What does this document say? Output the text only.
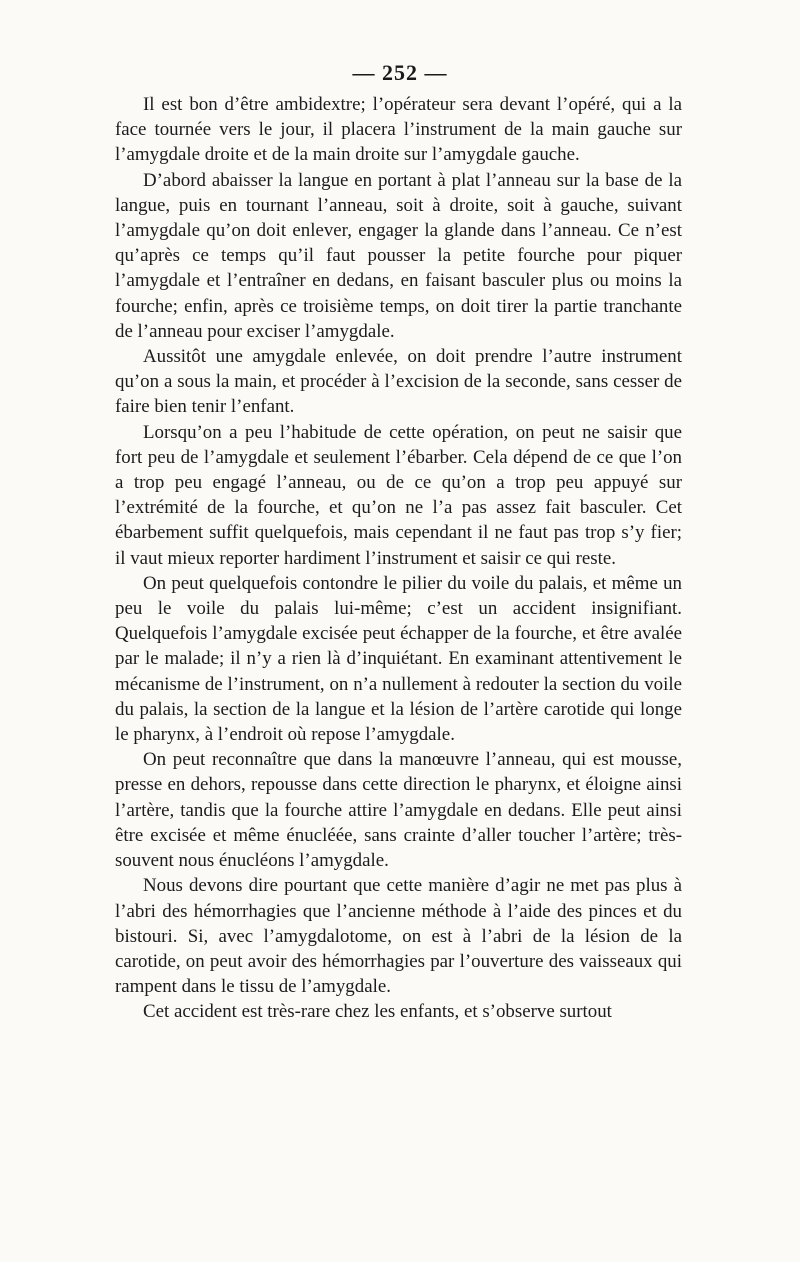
— 252 —

Il est bon d’être ambidextre; l’opérateur sera devant l’opéré, qui a la face tournée vers le jour, il placera l’instrument de la main gauche sur l’amygdale droite et de la main droite sur l’amygdale gauche.

D’abord abaisser la langue en portant à plat l’anneau sur la base de la langue, puis en tournant l’anneau, soit à droite, soit à gauche, suivant l’amygdale qu’on doit enlever, engager la glande dans l’anneau. Ce n’est qu’après ce temps qu’il faut pousser la petite fourche pour piquer l’amygdale et l’entraîner en dedans, en faisant basculer plus ou moins la fourche; enfin, après ce troisième temps, on doit tirer la partie tranchante de l’anneau pour exciser l’amygdale.

Aussitôt une amygdale enlevée, on doit prendre l’autre instrument qu’on a sous la main, et procéder à l’excision de la seconde, sans cesser de faire bien tenir l’enfant.

Lorsqu’on a peu l’habitude de cette opération, on peut ne saisir que fort peu de l’amygdale et seulement l’ébarber. Cela dépend de ce que l’on a trop peu engagé l’anneau, ou de ce qu’on a trop peu appuyé sur l’extrémité de la fourche, et qu’on ne l’a pas assez fait basculer. Cet ébarbement suffit quelquefois, mais cependant il ne faut pas trop s’y fier; il vaut mieux reporter hardiment l’instrument et saisir ce qui reste.

On peut quelquefois contondre le pilier du voile du palais, et même un peu le voile du palais lui-même; c’est un accident insignifiant. Quelquefois l’amygdale excisée peut échapper de la fourche, et être avalée par le malade; il n’y a rien là d’inquiétant. En examinant attentivement le mécanisme de l’instrument, on n’a nullement à redouter la section du voile du palais, la section de la langue et la lésion de l’artère carotide qui longe le pharynx, à l’endroit où repose l’amygdale.

On peut reconnaître que dans la manœuvre l’anneau, qui est mousse, presse en dehors, repousse dans cette direction le pharynx, et éloigne ainsi l’artère, tandis que la fourche attire l’amygdale en dedans. Elle peut ainsi être excisée et même énucléée, sans crainte d’aller toucher l’artère; très-souvent nous énucléons l’amygdale.

Nous devons dire pourtant que cette manière d’agir ne met pas plus à l’abri des hémorrhagies que l’ancienne méthode à l’aide des pinces et du bistouri. Si, avec l’amygdalotome, on est à l’abri de la lésion de la carotide, on peut avoir des hémorrhagies par l’ouverture des vaisseaux qui rampent dans le tissu de l’amygdale.

Cet accident est très-rare chez les enfants, et s’observe surtout
